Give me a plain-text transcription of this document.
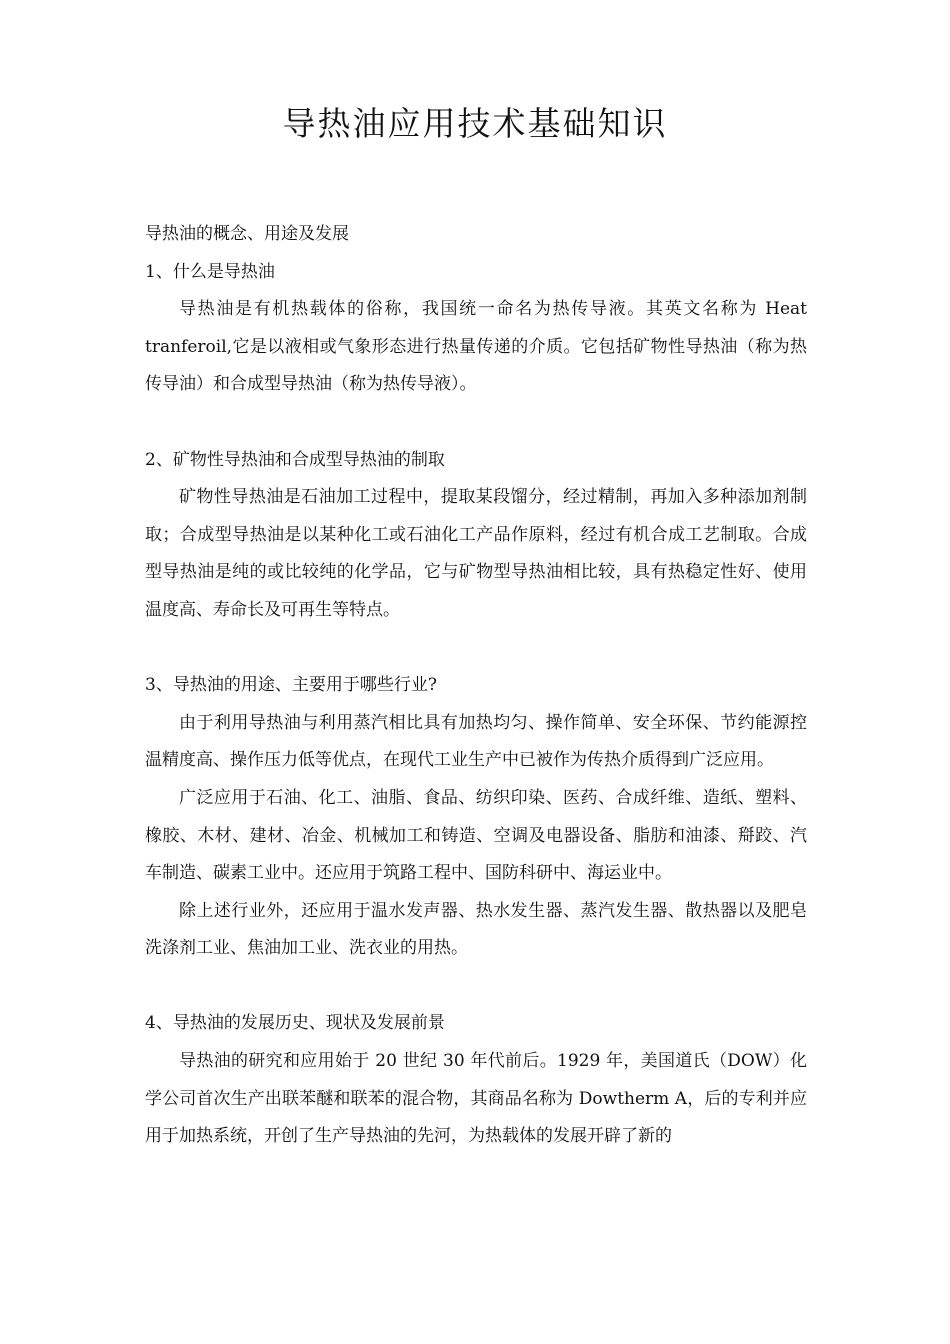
导热油应用技术基础知识

导热油的概念、用途及发展

1、什么是导热油

导热油是有机热载体的俗称，我国统一命名为热传导液。其英文名称为 Heat tranferoil,它是以液相或气象形态进行热量传递的介质。它包括矿物性导热油（称为热传导油）和合成型导热油（称为热传导液）。

2、矿物性导热油和合成型导热油的制取

矿物性导热油是石油加工过程中，提取某段馏分，经过精制，再加入多种添加剂制取；合成型导热油是以某种化工或石油化工产品作原料，经过有机合成工艺制取。合成型导热油是纯的或比较纯的化学品，它与矿物型导热油相比较，具有热稳定性好、使用温度高、寿命长及可再生等特点。

3、导热油的用途、主要用于哪些行业?

由于利用导热油与利用蒸汽相比具有加热均匀、操作简单、安全环保、节约能源控温精度高、操作压力低等优点，在现代工业生产中已被作为传热介质得到广泛应用。

广泛应用于石油、化工、油脂、食品、纺织印染、医药、合成纤维、造纸、塑料、橡胶、木材、建材、冶金、机械加工和铸造、空调及电器设备、脂肪和油漆、搿跤、汽车制造、碳素工业中。还应用于筑路工程中、国防科研中、海运业中。

除上述行业外，还应用于温水发声器、热水发生器、蒸汽发生器、散热器以及肥皂洗涤剂工业、焦油加工业、洗衣业的用热。

4、导热油的发展历史、现状及发展前景

导热油的研究和应用始于 20 世纪 30 年代前后。1929 年，美国道氏（DOW）化学公司首次生产出联苯醚和联苯的混合物，其商品名称为 Dowtherm A，后的专利并应用于加热系统，开创了生产导热油的先河，为热载体的发展开辟了新的
